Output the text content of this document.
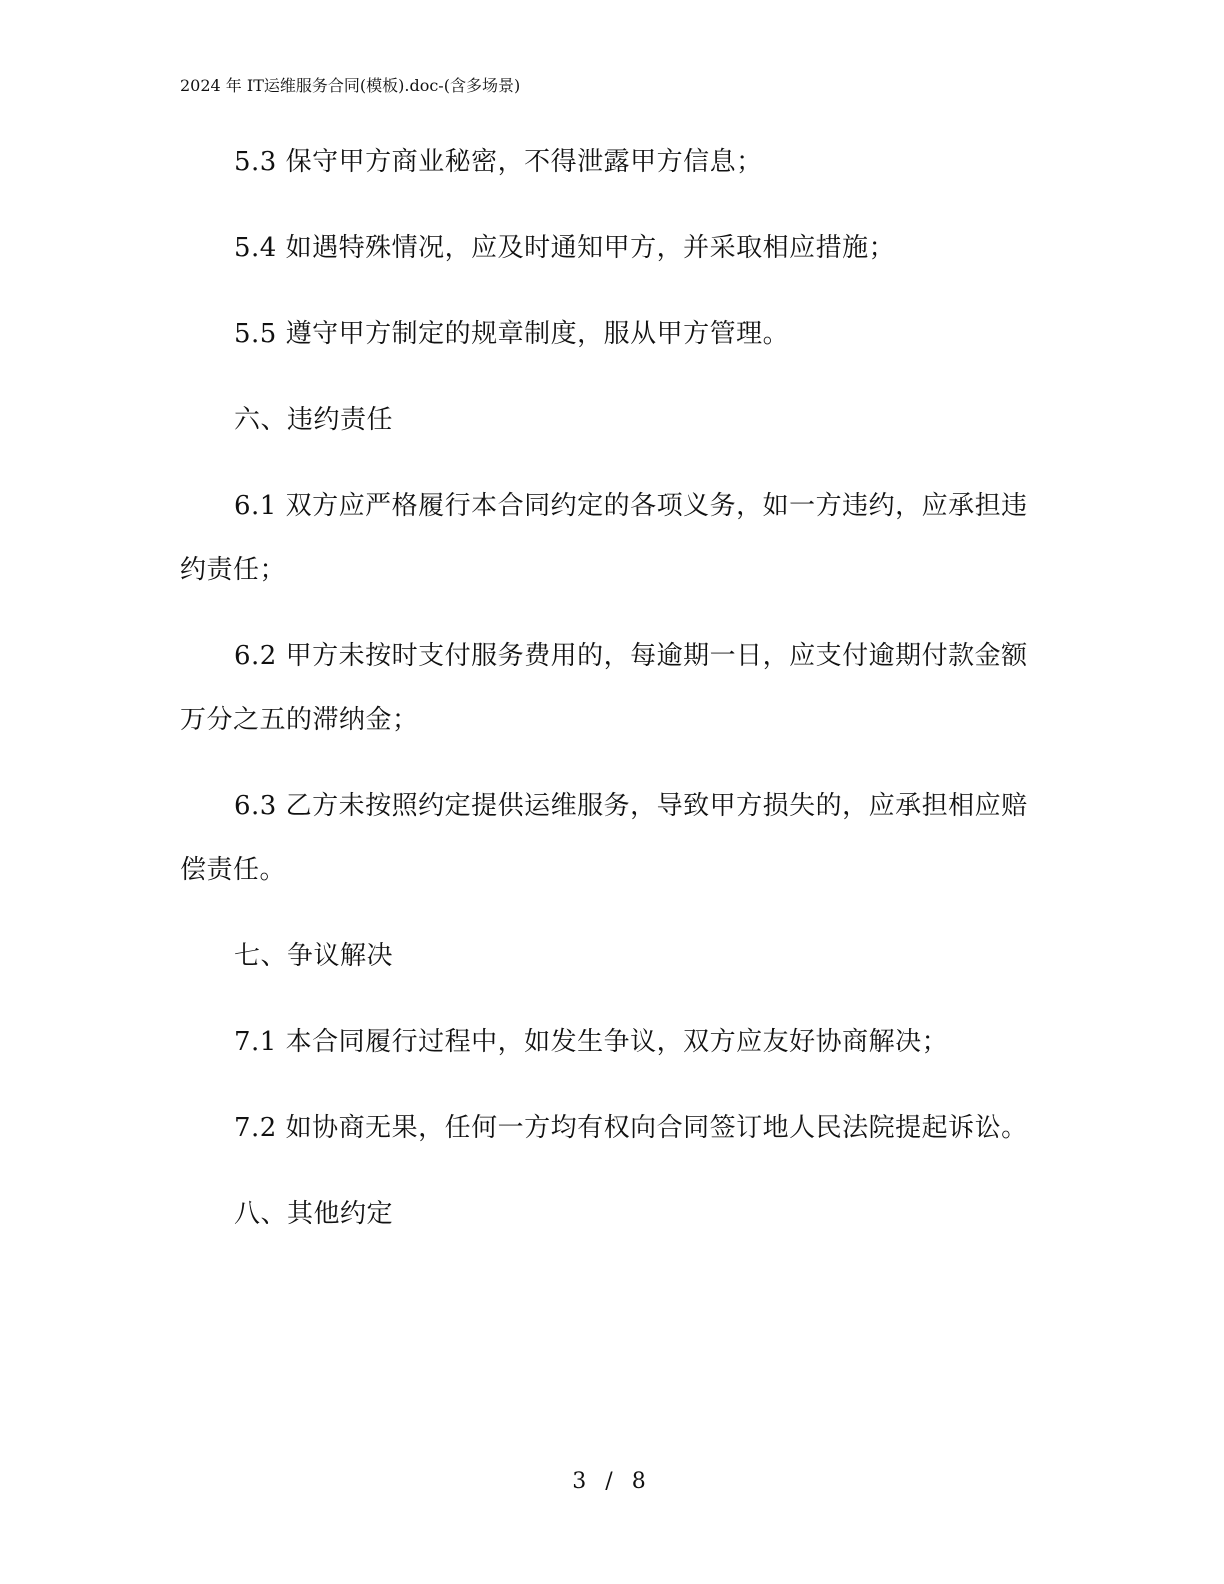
2024 年 IT运维服务合同(模板).doc-(含多场景)

5.3 保守甲方商业秘密，不得泄露甲方信息；

5.4 如遇特殊情况，应及时通知甲方，并采取相应措施；

5.5 遵守甲方制定的规章制度，服从甲方管理。

六、违约责任

6.1 双方应严格履行本合同约定的各项义务，如一方违约，应承担违约责任；

6.2 甲方未按时支付服务费用的，每逾期一日，应支付逾期付款金额万分之五的滞纳金；

6.3 乙方未按照约定提供运维服务，导致甲方损失的，应承担相应赔偿责任。

七、争议解决

7.1 本合同履行过程中，如发生争议，双方应友好协商解决；

7.2 如协商无果，任何一方均有权向合同签订地人民法院提起诉讼。

八、其他约定

3 / 8
